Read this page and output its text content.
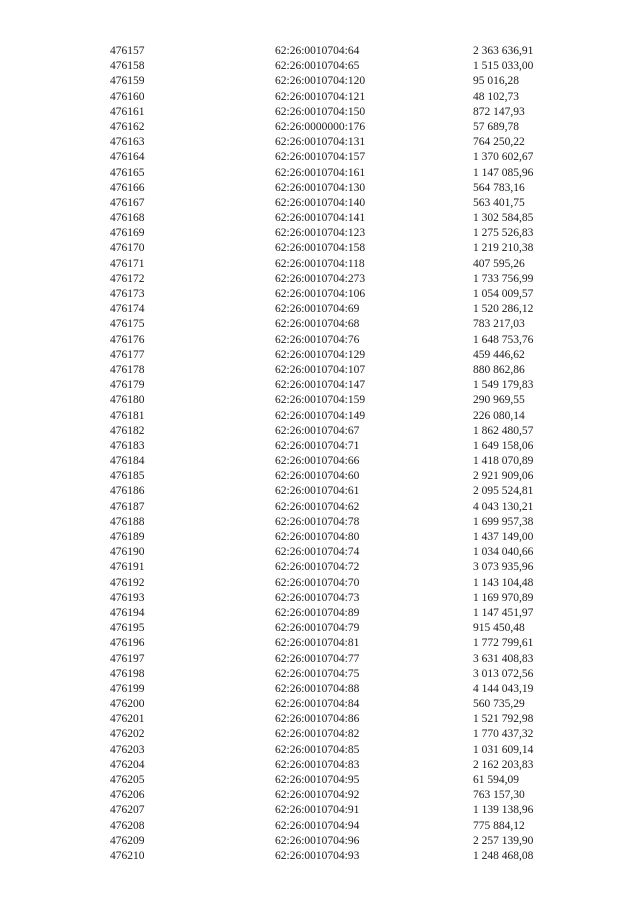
476157	62:26:0010704:64	2 363 636,91
476158	62:26:0010704:65	1 515 033,00
476159	62:26:0010704:120	95 016,28
476160	62:26:0010704:121	48 102,73
476161	62:26:0010704:150	872 147,93
476162	62:26:0000000:176	57 689,78
476163	62:26:0010704:131	764 250,22
476164	62:26:0010704:157	1 370 602,67
476165	62:26:0010704:161	1 147 085,96
476166	62:26:0010704:130	564 783,16
476167	62:26:0010704:140	563 401,75
476168	62:26:0010704:141	1 302 584,85
476169	62:26:0010704:123	1 275 526,83
476170	62:26:0010704:158	1 219 210,38
476171	62:26:0010704:118	407 595,26
476172	62:26:0010704:273	1 733 756,99
476173	62:26:0010704:106	1 054 009,57
476174	62:26:0010704:69	1 520 286,12
476175	62:26:0010704:68	783 217,03
476176	62:26:0010704:76	1 648 753,76
476177	62:26:0010704:129	459 446,62
476178	62:26:0010704:107	880 862,86
476179	62:26:0010704:147	1 549 179,83
476180	62:26:0010704:159	290 969,55
476181	62:26:0010704:149	226 080,14
476182	62:26:0010704:67	1 862 480,57
476183	62:26:0010704:71	1 649 158,06
476184	62:26:0010704:66	1 418 070,89
476185	62:26:0010704:60	2 921 909,06
476186	62:26:0010704:61	2 095 524,81
476187	62:26:0010704:62	4 043 130,21
476188	62:26:0010704:78	1 699 957,38
476189	62:26:0010704:80	1 437 149,00
476190	62:26:0010704:74	1 034 040,66
476191	62:26:0010704:72	3 073 935,96
476192	62:26:0010704:70	1 143 104,48
476193	62:26:0010704:73	1 169 970,89
476194	62:26:0010704:89	1 147 451,97
476195	62:26:0010704:79	915 450,48
476196	62:26:0010704:81	1 772 799,61
476197	62:26:0010704:77	3 631 408,83
476198	62:26:0010704:75	3 013 072,56
476199	62:26:0010704:88	4 144 043,19
476200	62:26:0010704:84	560 735,29
476201	62:26:0010704:86	1 521 792,98
476202	62:26:0010704:82	1 770 437,32
476203	62:26:0010704:85	1 031 609,14
476204	62:26:0010704:83	2 162 203,83
476205	62:26:0010704:95	61 594,09
476206	62:26:0010704:92	763 157,30
476207	62:26:0010704:91	1 139 138,96
476208	62:26:0010704:94	775 884,12
476209	62:26:0010704:96	2 257 139,90
476210	62:26:0010704:93	1 248 468,08
